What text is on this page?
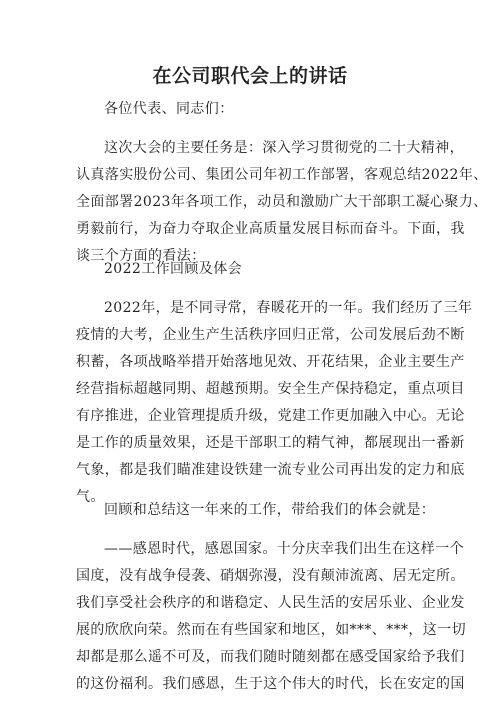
在公司职代会上的讲话
各位代表、同志们：
这次大会的主要任务是：深入学习贯彻党的二十大精神，
认真落实股份公司、集团公司年初工作部署，客观总结2022年、
全面部署2023年各项工作，动员和激励广大干部职工凝心聚力、
勇毅前行，为奋力夺取企业高质量发展目标而奋斗。下面，我
谈三个方面的看法：
2022工作回顾及体会
2022年，是不同寻常，春暖花开的一年。我们经历了三年
疫情的大考，企业生产生活秩序回归正常，公司发展后劲不断
积蓄，各项战略举措开始落地见效、开花结果，企业主要生产
经营指标超越同期、超越预期。安全生产保持稳定，重点项目
有序推进，企业管理提质升级，党建工作更加融入中心。无论
是工作的质量效果，还是干部职工的精气神，都展现出一番新
气象，都是我们瞄准建设铁建一流专业公司再出发的定力和底
气。
回顾和总结这一年来的工作，带给我们的体会就是：
——感恩时代，感恩国家。十分庆幸我们出生在这样一个
国度，没有战争侵袭、硝烟弥漫，没有颠沛流离、居无定所。
我们享受社会秩序的和谐稳定、人民生活的安居乐业、企业发
展的欣欣向荣。然而在有些国家和地区，如***、***，这一切
却都是那么遥不可及，而我们随时随刻都在感受国家给予我们
的这份福利。我们感恩，生于这个伟大的时代，长在安定的国
